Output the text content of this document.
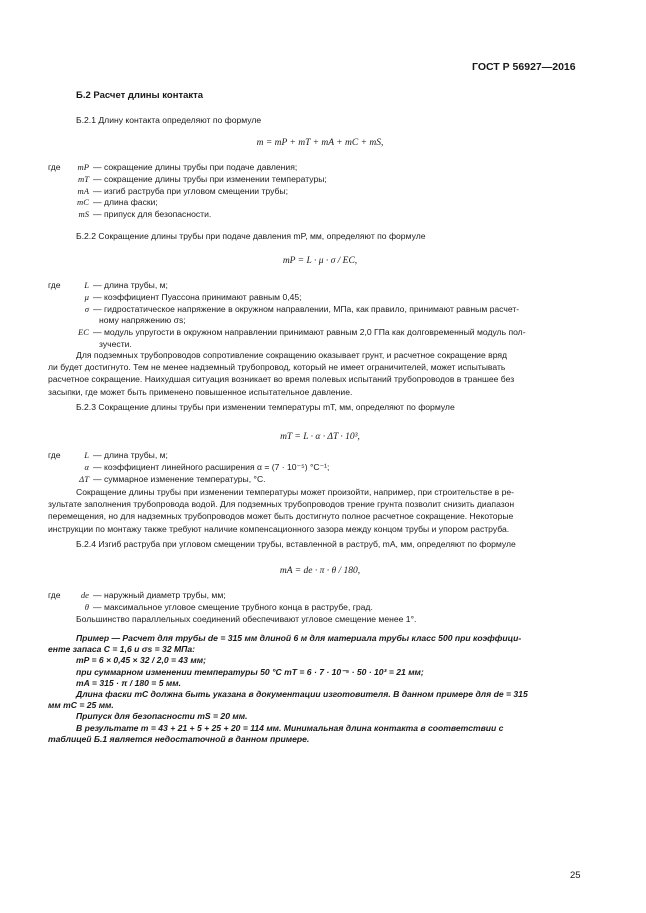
ГОСТ Р 56927—2016
Б.2 Расчет длины контакта
Б.2.1 Длину контакта определяют по формуле
m = mP + mT + mA + mC + mS,
где mP — сокращение длины трубы при подаче давления;
mT — сокращение длины трубы при изменении температуры;
mA — изгиб раструба при угловом смещении трубы;
mC — длина фаски;
mS — припуск для безопасности.
Б.2.2 Сокращение длины трубы при подаче давления mP, мм, определяют по формуле
mP = L · μ · σ / EC,
где	L — длина трубы, м;
μ — коэффициент Пуассона принимают равным 0,45;
σ — гидростатическое напряжение в окружном направлении, МПа, как правило, принимают равным расчет-
ному напряжению σs;
EC — модуль упругости в окружном направлении принимают равным 2,0 ГПа как долговременный модуль пол-
зучести.
Для подземных трубопроводов сопротивление сокращению оказывает грунт, и расчетное сокращение вряд
ли будет достигнуто. Тем не менее надземный трубопровод, который не имеет ограничителей, может испытывать
расчетное сокращение. Наихудшая ситуация возникает во время полевых испытаний трубопроводов в траншее без
засыпки, где может быть применено повышенное испытательное давление.
Б.2.3 Сокращение длины трубы при изменении температуры mT, мм, определяют по формуле
mT = L · α · ΔT · 10³,
где	L — длина трубы, м;
α — коэффициент линейного расширения α = (7 · 10⁻⁵) °C⁻¹;
ΔT — суммарное изменение температуры, °C.
Сокращение длины трубы при изменении температуры может произойти, например, при строительстве в ре-
зультате заполнения трубопровода водой. Для подземных трубопроводов трение грунта позволит снизить диапазон
перемещения, но для надземных трубопроводов может быть достигнуто полное расчетное сокращение. Некоторые
инструкции по монтажу также требуют наличие компенсационного зазора между концом трубы и упором раструба.
Б.2.4 Изгиб раструба при угловом смещении трубы, вставленной в раструб, mA, мм, определяют по формуле
mA = de · π · θ / 180,
где de — наружный диаметр трубы, мм;
θ — максимальное угловое смещение трубного конца в раструбе, град.
Большинство параллельных соединений обеспечивают угловое смещение менее 1°.
Пример — Расчет для трубы de = 315 мм длиной 6 м для материала трубы класс 500 при коэффици-
енте запаса C = 1,6 и σs = 32 МПа:
mP = 6 × 0,45 × 32 / 2,0 = 43 мм;
при суммарном изменении температуры 50 °C mT = 6 · 7 · 10⁻⁵ · 50 · 10³ = 21 мм;
mA = 315 · π / 180 = 5 мм.
Длина фаски mC должна быть указана в документации изготовителя. В данном примере для de = 315
мм mC = 25 мм.
Припуск для безопасности mS = 20 мм.
В результате m = 43 + 21 + 5 + 25 + 20 = 114 мм. Минимальная длина контакта в соответствии с
таблицей Б.1 является недостаточной в данном примере.
25
